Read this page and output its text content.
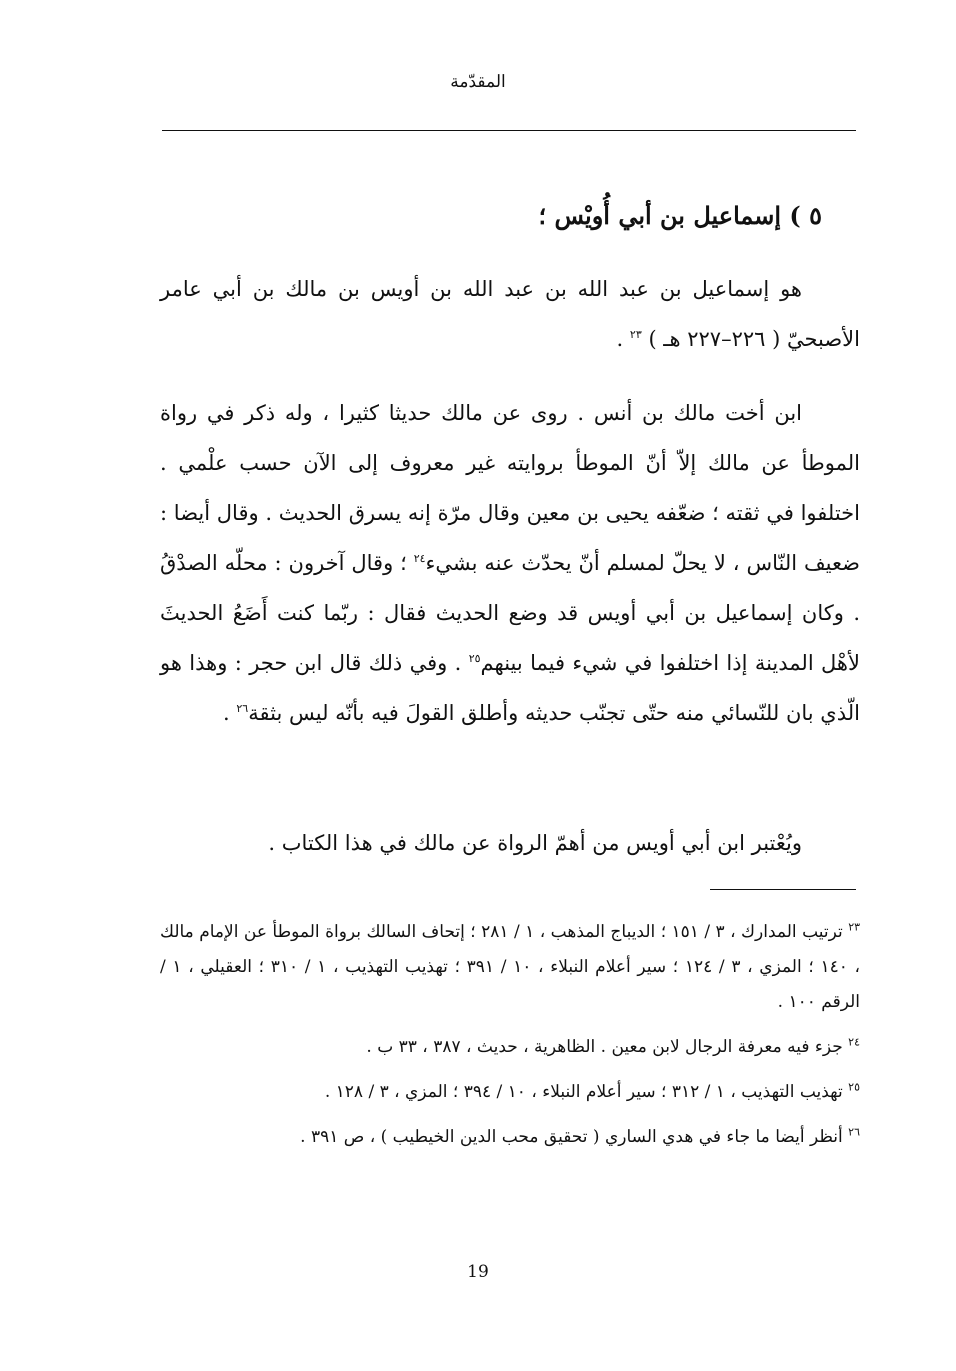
المقدّمة
٥ ) إسماعيل بن أبي أُويْس ؛
هو إسماعيل بن عبد الله بن عبد الله بن أويس بن مالك بن أبي عامر الأصبحيّ ( ٢٢٦–٢٢٧ هـ ) $^{٢٣}$ .
ابن أخت مالك بن أنس . روى عن مالك حديثا كثيرا ، وله ذكر في رواة الموطأ عن مالك إلاّ أنّ الموطأ بروايته غير معروف إلى الآن حسب علْمي . اختلفوا في ثقته ؛ ضعّفه يحيى بن معين وقال مرّة إنه يسرق الحديث . وقال أيضا : ضعيف النّاس ، لا يحلّ لمسلم أنّ يحدّث عنه بشيء$^{٢٤}$ ؛ وقال آخرون : محلّه الصدْقُ . وكان إسماعيل بن أبي أويس قد وضع الحديث فقال : ربّما كنت أَضَعُ الحديثَ لأهْل المدينة إذا اختلفوا في شيء فيما بينهم$^{٢٥}$ . وفي ذلك قال ابن حجر : وهذا هو الّذي بان للنّسائي منه حتّى تجنّب حديثه وأطلق القولَ فيه بأنّه ليس بثقة$^{٢٦}$ .
ويُعْتبر ابن أبي أويس من أهمّ الرواة عن مالك في هذا الكتاب .
$^{٢٣}$ ترتيب المدارك ، ٣ / ١٥١ ؛ الديباج المذهب ، ١ / ٢٨١ ؛ إتحاف السالك برواة الموطأ عن الإمام مالك ، ١٤٠ ؛ المزي ، ٣ / ١٢٤ ؛ سير أعلام النبلاء ، ١٠ / ٣٩١ ؛ تهذيب التهذيب ، ١ / ٣١٠ ؛ العقيلي ، ١ /الرقم ١٠٠ .
$^{٢٤}$ جزء فيه معرفة الرجال لابن معين . الظاهرية ، حديث ، ٣٨٧ ، ٣٣ ب .
$^{٢٥}$ تهذيب التهذيب ، ١ / ٣١٢ ؛ سير أعلام النبلاء ، ١٠ / ٣٩٤ ؛ المزي ، ٣ / ١٢٨ .
$^{٢٦}$ أنظر أيضا ما جاء في هدي الساري ( تحقيق محب الدين الخيطيب ) ، ص ٣٩١ .
19
